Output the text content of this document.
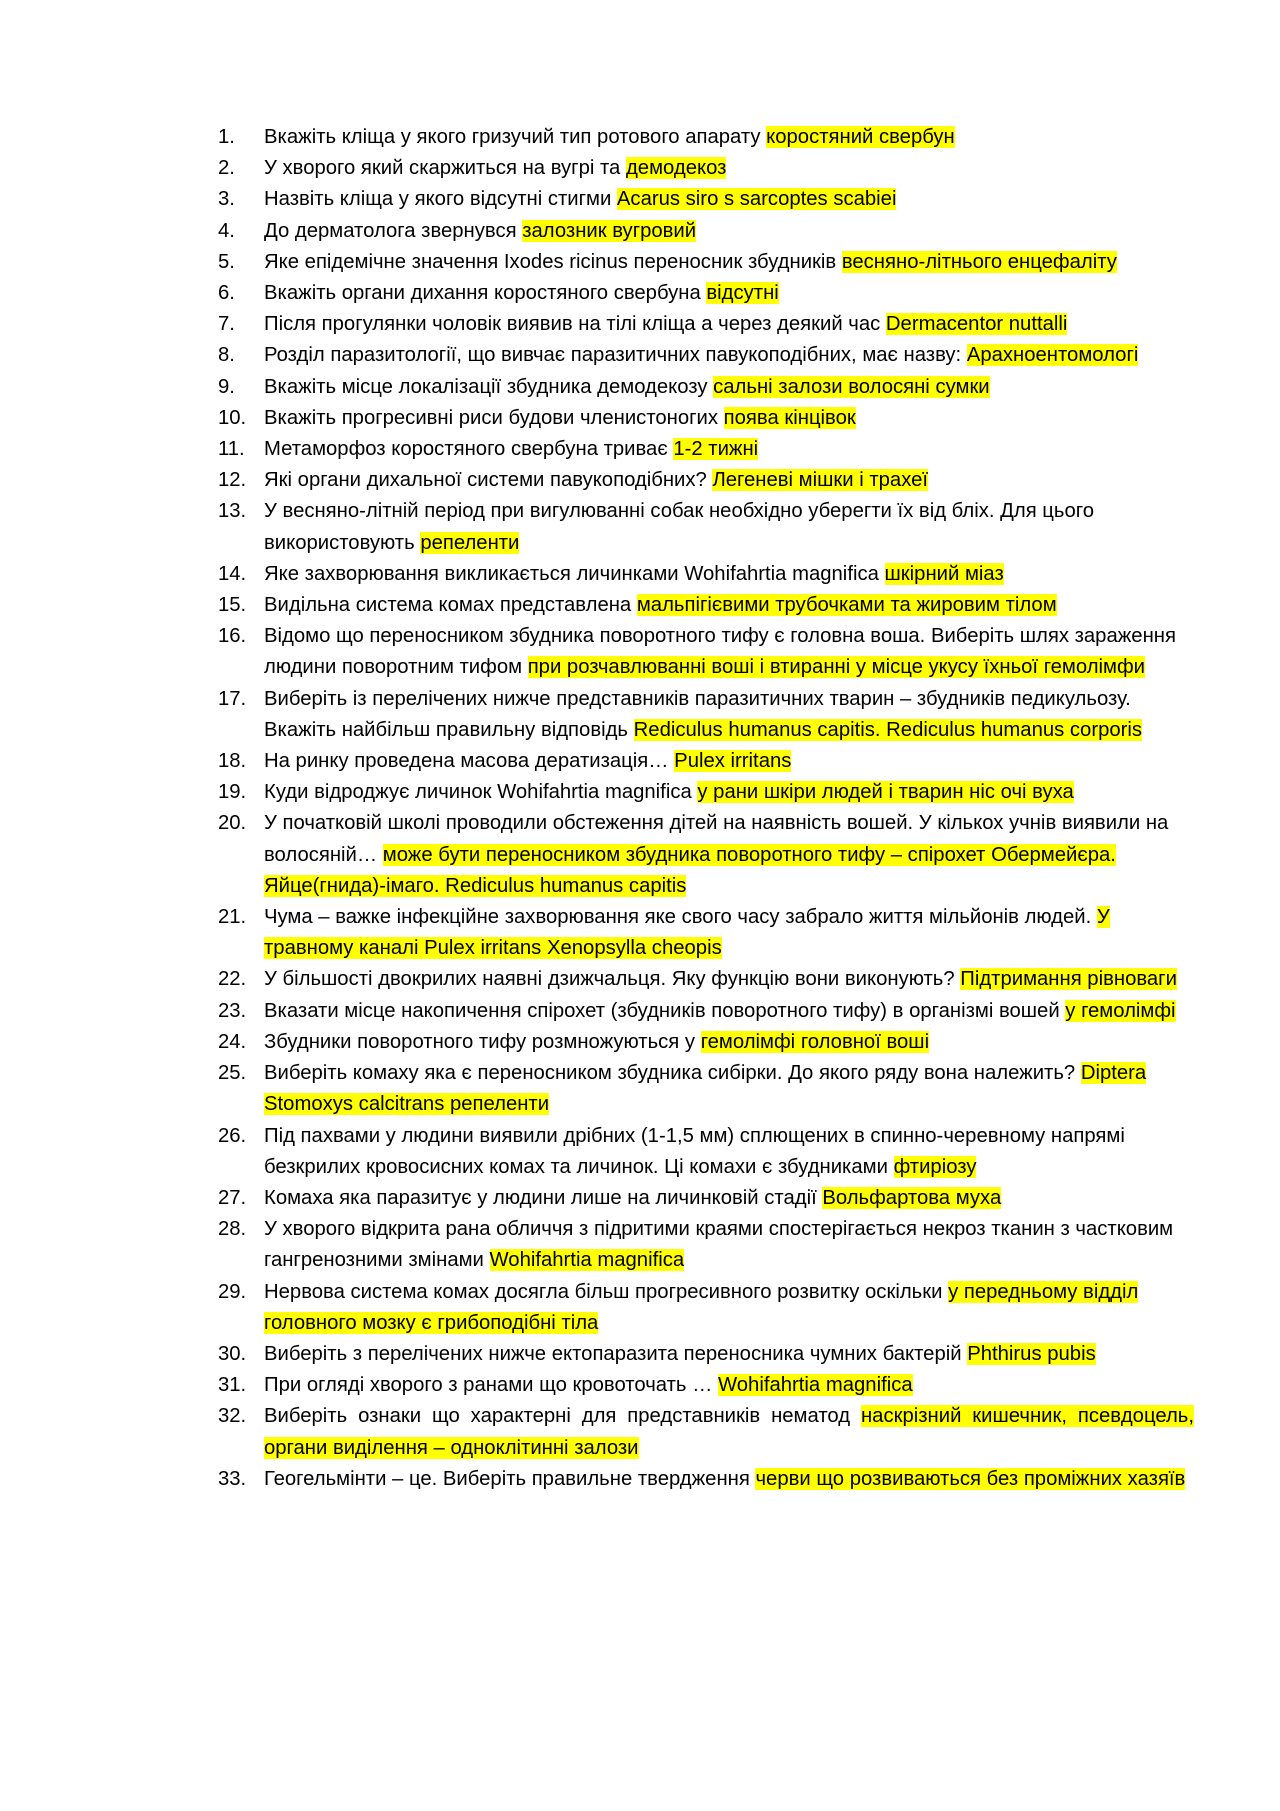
1.	Вкажіть кліща у якого гризучий тип ротового апарату коростяний свербун
2.	У хворого який скаржиться на вугрі та демодекоз
3.	Назвіть кліща у якого відсутні стигми Acarus siro s sarcoptes scabiei
4.	До дерматолога звернувся залозник вугровий
5.	Яке епідемічне значення Ixodes ricinus переносник збудників весняно-літнього енцефаліту
6.	Вкажіть органи дихання коростяного свербуна відсутні
7.	Після прогулянки чоловік виявив на тілі кліща а через деякий час Dermacentor nuttalli
8.	Розділ паразитології, що вивчає паразитичних павукоподібних, має назву: Арахноентомологі
9.	Вкажіть місце локалізації збудника демодекозу сальні залози волосяні сумки
10. Вкажіть прогресивні риси будови членистоногих поява кінцівок
11. Метаморфоз коростяного свербуна триває 1-2 тижні
12. Які органи дихальної системи павукоподібних? Легеневі мішки і трахеї
13. У весняно-літній період при вигулюванні собак необхідно уберегти їх від бліх. Для цього використовують репеленти
14. Яке захворювання викликається личинками Wohifahrtia magnifica шкірний міаз
15. Видільна система комах представлена мальпігієвими трубочками та жировим тілом
16. Відомо що переносником збудника поворотного тифу є головна воша. Виберіть шлях зараження людини поворотним тифом при розчавлюванні воші і втиранні у місце укусу їхньої гемолімфи
17. Виберіть із перелічених нижче представників паразитичних тварин – збудників педикульозу. Вкажіть найбільш правильну відповідь Rediculus humanus capitis. Rediculus humanus corporis
18. На ринку проведена масова дератизація… Pulex irritans
19. Куди відроджує личинок Wohifahrtia magnifica у рани шкіри людей і тварин ніс очі вуха
20. У початковій школі проводили обстеження дітей на наявність вошей. У кількох учнів виявили на волосяній… може бути переносником збудника поворотного тифу – спірохет Обермейєра. Яйце(гнида)-імаго. Rediculus humanus capitis
21. Чума – важке інфекційне захворювання яке свого часу забрало життя мільйонів людей. У травному каналі Pulex irritans Xenopsylla cheopis
22. У більшості двокрилих наявні дзижчальця. Яку функцію вони виконують? Підтримання рівноваги
23. Вказати місце накопичення спірохет (збудників поворотного тифу) в організмі вошей у гемолімфі
24. Збудники поворотного тифу розмножуються у гемолімфі головної воші
25. Виберіть комаху яка є переносником збудника сибірки. До якого ряду вона належить? Diptera Stomoxys calcitrans репеленти
26. Під пахвами у людини виявили дрібних (1-1,5 мм) сплющених в спинно-черевному напрямі безкрилих кровосисних комах та личинок. Ці комахи є збудниками фтиріозу
27. Комаха яка паразитує у людини лише на личинковій стадії Вольфартова муха
28. У хворого відкрита рана обличчя з підритими краями спостерігається некроз тканин з частковим гангренозними змінами Wohifahrtia magnifica
29. Нервова система комах досягла більш прогресивного розвитку оскільки у передньому відділ головного мозку є грибоподібні тіла
30. Виберіть з перелічених нижче ектопаразита переносника чумних бактерій Phthirus pubis
31. При огляді хворого з ранами що кровоточать … Wohifahrtia magnifica
32. Виберіть ознаки що характерні для представників нематод наскрізний кишечник, псевдоцель, органи виділення – одноклітинні залози
33. Геогельмінти – це. Виберіть правильне твердження черви що розвиваються без проміжних хазяїв
